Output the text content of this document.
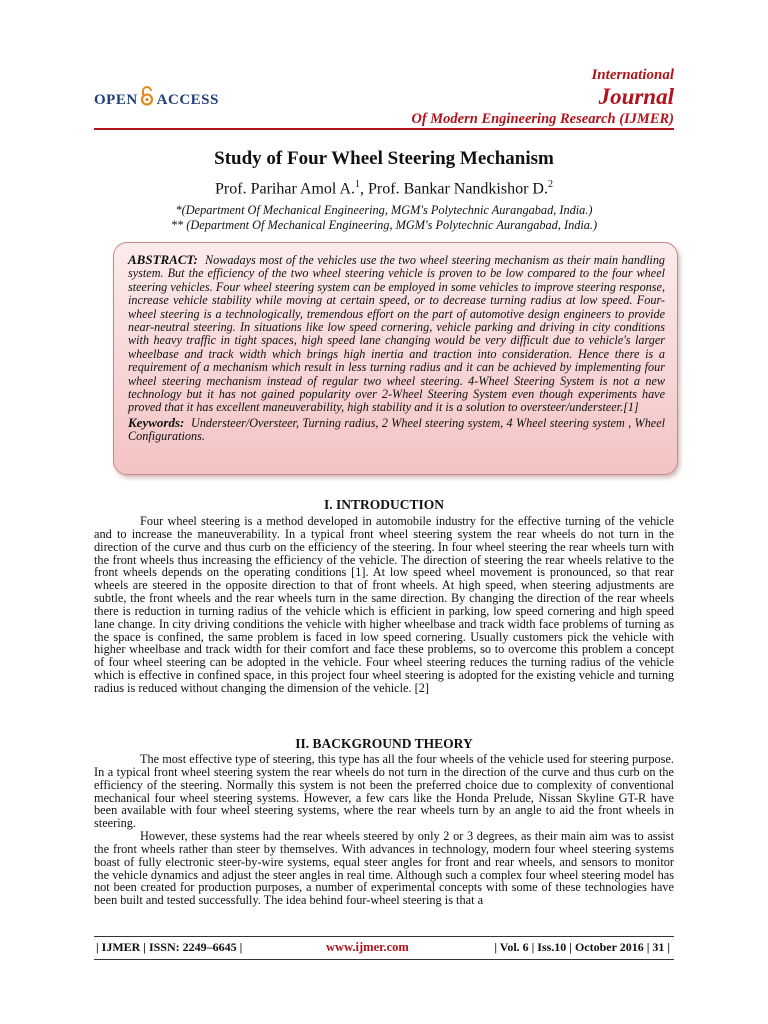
OPEN ACCESS
International
Journal
Of Modern Engineering Research (IJMER)
Study of Four Wheel Steering Mechanism
Prof. Parihar Amol A.$^1$, Prof. Bankar Nandkishor D.$^2$
*(Department Of Mechanical Engineering, MGM's Polytechnic Aurangabad, India.)
** (Department Of Mechanical Engineering, MGM's Polytechnic Aurangabad, India.)
ABSTRACT: Nowadays most of the vehicles use the two wheel steering mechanism as their main handling system. But the efficiency of the two wheel steering vehicle is proven to be low compared to the four wheel steering vehicles. Four wheel steering system can be employed in some vehicles to improve steering response, increase vehicle stability while moving at certain speed, or to decrease turning radius at low speed. Four-wheel steering is a technologically, tremendous effort on the part of automotive design engineers to provide near-neutral steering. In situations like low speed cornering, vehicle parking and driving in city conditions with heavy traffic in tight spaces, high speed lane changing would be very difficult due to vehicle's larger wheelbase and track width which brings high inertia and traction into consideration. Hence there is a requirement of a mechanism which result in less turning radius and it can be achieved by implementing four wheel steering mechanism instead of regular two wheel steering. 4-Wheel Steering System is not a new technology but it has not gained popularity over 2-Wheel Steering System even though experiments have proved that it has excellent maneuverability, high stability and it is a solution to oversteer/understeer.[1]
Keywords: Understeer/Oversteer, Turning radius, 2 Wheel steering system, 4 Wheel steering system , Wheel Configurations.
I. INTRODUCTION

Four wheel steering is a method developed in automobile industry for the effective turning of the vehicle and to increase the maneuverability. In a typical front wheel steering system the rear wheels do not turn in the direction of the curve and thus curb on the efficiency of the steering. In four wheel steering the rear wheels turn with the front wheels thus increasing the efficiency of the vehicle. The direction of steering the rear wheels relative to the front wheels depends on the operating conditions [1]. At low speed wheel movement is pronounced, so that rear wheels are steered in the opposite direction to that of front wheels. At high speed, when steering adjustments are subtle, the front wheels and the rear wheels turn in the same direction. By changing the direction of the rear wheels there is reduction in turning radius of the vehicle which is efficient in parking, low speed cornering and high speed lane change. In city driving conditions the vehicle with higher wheelbase and track width face problems of turning as the space is confined, the same problem is faced in low speed cornering. Usually customers pick the vehicle with higher wheelbase and track width for their comfort and face these problems, so to overcome this problem a concept of four wheel steering can be adopted in the vehicle. Four wheel steering reduces the turning radius of the vehicle which is effective in confined space, in this project four wheel steering is adopted for the existing vehicle and turning radius is reduced without changing the dimension of the vehicle. [2]

II. BACKGROUND THEORY

The most effective type of steering, this type has all the four wheels of the vehicle used for steering purpose. In a typical front wheel steering system the rear wheels do not turn in the direction of the curve and thus curb on the efficiency of the steering. Normally this system is not been the preferred choice due to complexity of conventional mechanical four wheel steering systems. However, a few cars like the Honda Prelude, Nissan Skyline GT-R have been available with four wheel steering systems, where the rear wheels turn by an angle to aid the front wheels in steering.

However, these systems had the rear wheels steered by only 2 or 3 degrees, as their main aim was to assist the front wheels rather than steer by themselves. With advances in technology, modern four wheel steering systems boast of fully electronic steer-by-wire systems, equal steer angles for front and rear wheels, and sensors to monitor the vehicle dynamics and adjust the steer angles in real time. Although such a complex four wheel steering model has not been created for production purposes, a number of experimental concepts with some of these technologies have been built and tested successfully. The idea behind four-wheel steering is that a

| IJMER | ISSN: 2249–6645 |	www.ijmer.com	| Vol. 6 | Iss.10 | October 2016 | 31 |
